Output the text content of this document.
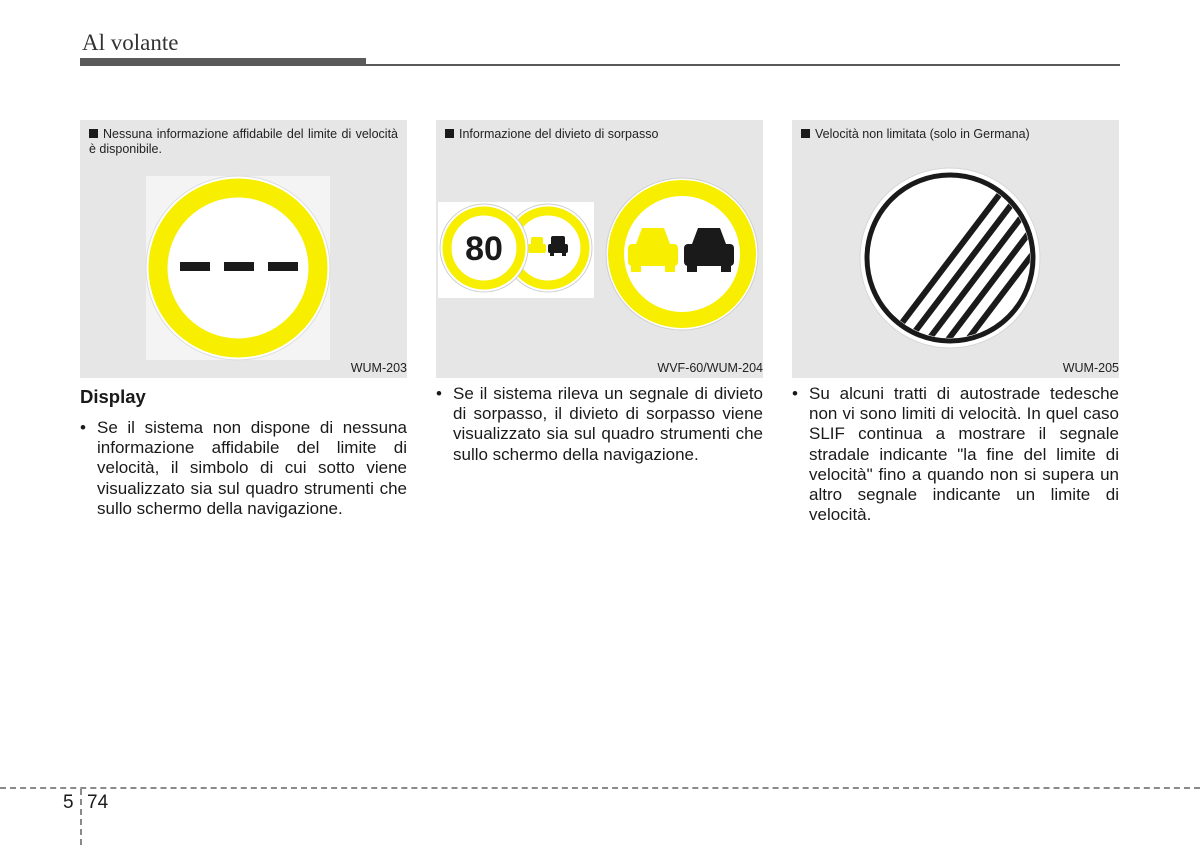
Al volante
Nessuna informazione affidabile del limite di velocità è disponibile.
WUM-203
Display
• Se il sistema non dispone di nessuna informazione affidabile del limite di velocità, il simbolo di cui sotto viene visualizzato sia sul quadro strumenti che sullo schermo della navigazione.
Informazione del divieto di sorpasso
80
WVF-60/WUM-204
• Se il sistema rileva un segnale di divieto di sorpasso, il divieto di sorpasso viene visualizzato sia sul quadro strumenti che sullo schermo della navigazione.
Velocità non limitata (solo in Germana)
WUM-205
• Su alcuni tratti di autostrade tedesche non vi sono limiti di velocità. In quel caso SLIF continua a mostrare il segnale stradale indicante "la fine del limite di velocità" fino a quando non si supera un altro segnale indicante un limite di velocità.
5 74
